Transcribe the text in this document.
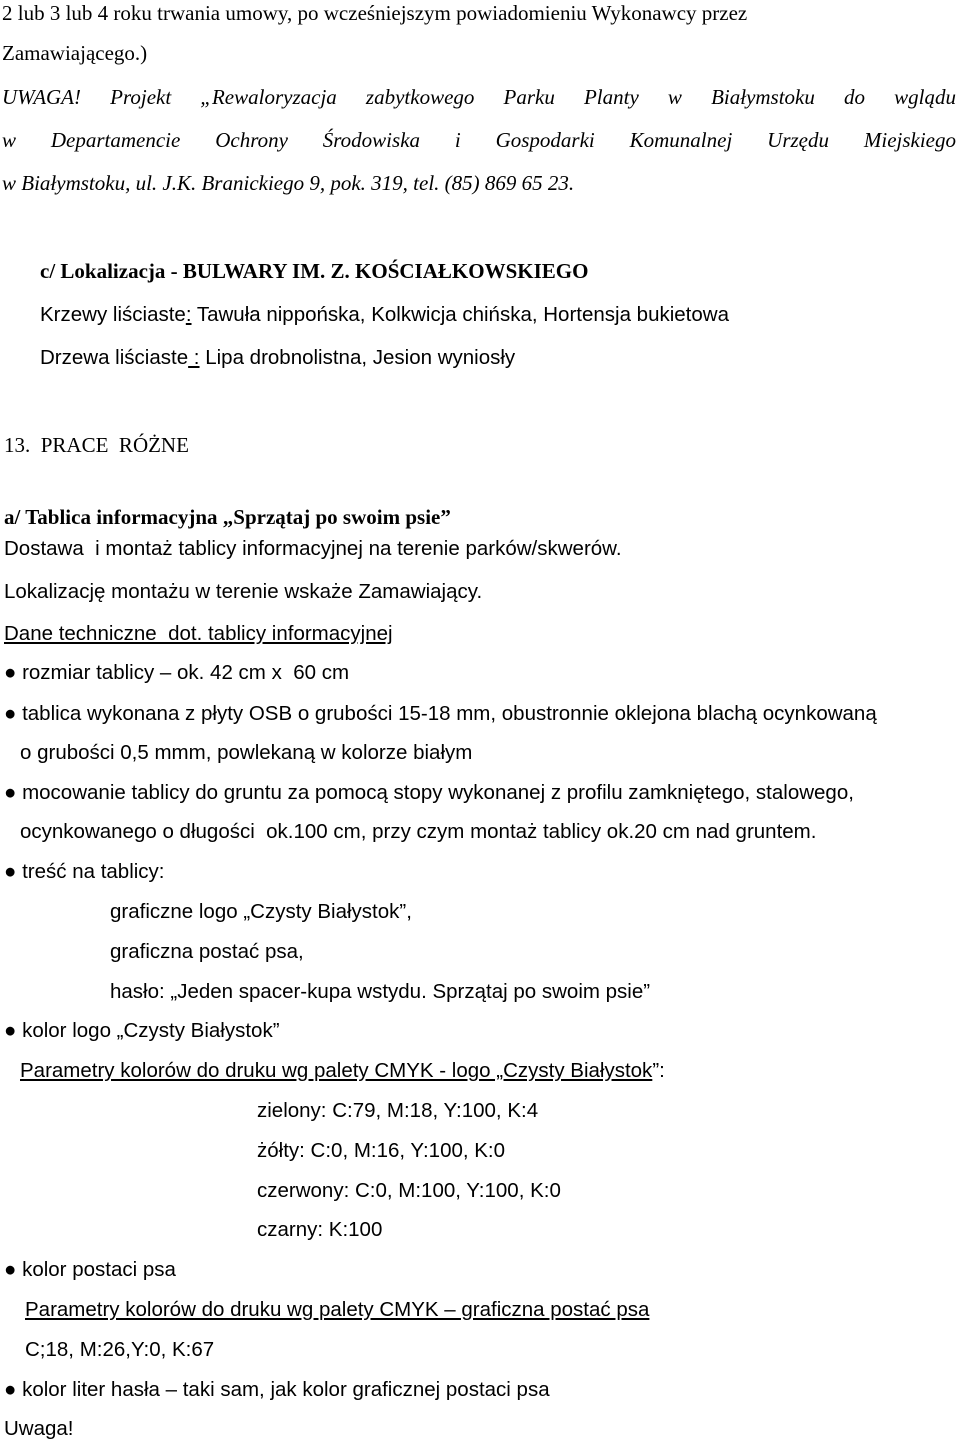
2 lub 3 lub 4 roku trwania umowy, po wcześniejszym powiadomieniu Wykonawcy przez
Zamawiającego.)
UWAGA! Projekt „Rewaloryzacja zabytkowego Parku Planty w Białymstoku do wglądu
w Departamencie Ochrony Środowiska i Gospodarki Komunalnej Urzędu Miejskiego
w Białymstoku, ul. J.K. Branickiego 9, pok. 319, tel. (85) 869 65 23.
c/ Lokalizacja - BULWARY IM. Z. KOŚCIAŁKOWSKIEGO
Krzewy liściaste: Tawuła nippońska, Kolkwicja chińska, Hortensja bukietowa
Drzewa liściaste : Lipa drobnolistna, Jesion wyniosły
13.  PRACE  RÓŻNE
a/ Tablica informacyjna „Sprzątaj po swoim psie”
Dostawa  i montaż tablicy informacyjnej na terenie parków/skwerów.
Lokalizację montażu w terenie wskaże Zamawiający.
Dane techniczne  dot. tablicy informacyjnej
● rozmiar tablicy – ok. 42 cm x  60 cm
● tablica wykonana z płyty OSB o grubości 15-18 mm, obustronnie oklejona blachą ocynkowaną
o grubości 0,5 mmm, powlekaną w kolorze białym
● mocowanie tablicy do gruntu za pomocą stopy wykonanej z profilu zamkniętego, stalowego,
ocynkowanego o długości  ok.100 cm, przy czym montaż tablicy ok.20 cm nad gruntem.
● treść na tablicy:
graficzne logo „Czysty Białystok”,
graficzna postać psa,
hasło: „Jeden spacer-kupa wstydu. Sprzątaj po swoim psie”
● kolor logo „Czysty Białystok”
Parametry kolorów do druku wg palety CMYK - logo „Czysty Białystok”:
zielony: C:79, M:18, Y:100, K:4
żółty: C:0, M:16, Y:100, K:0
czerwony: C:0, M:100, Y:100, K:0
czarny: K:100
● kolor postaci psa
Parametry kolorów do druku wg palety CMYK – graficzna postać psa
C;18, M:26,Y:0, K:67
● kolor liter hasła – taki sam, jak kolor graficznej postaci psa
Uwaga!
